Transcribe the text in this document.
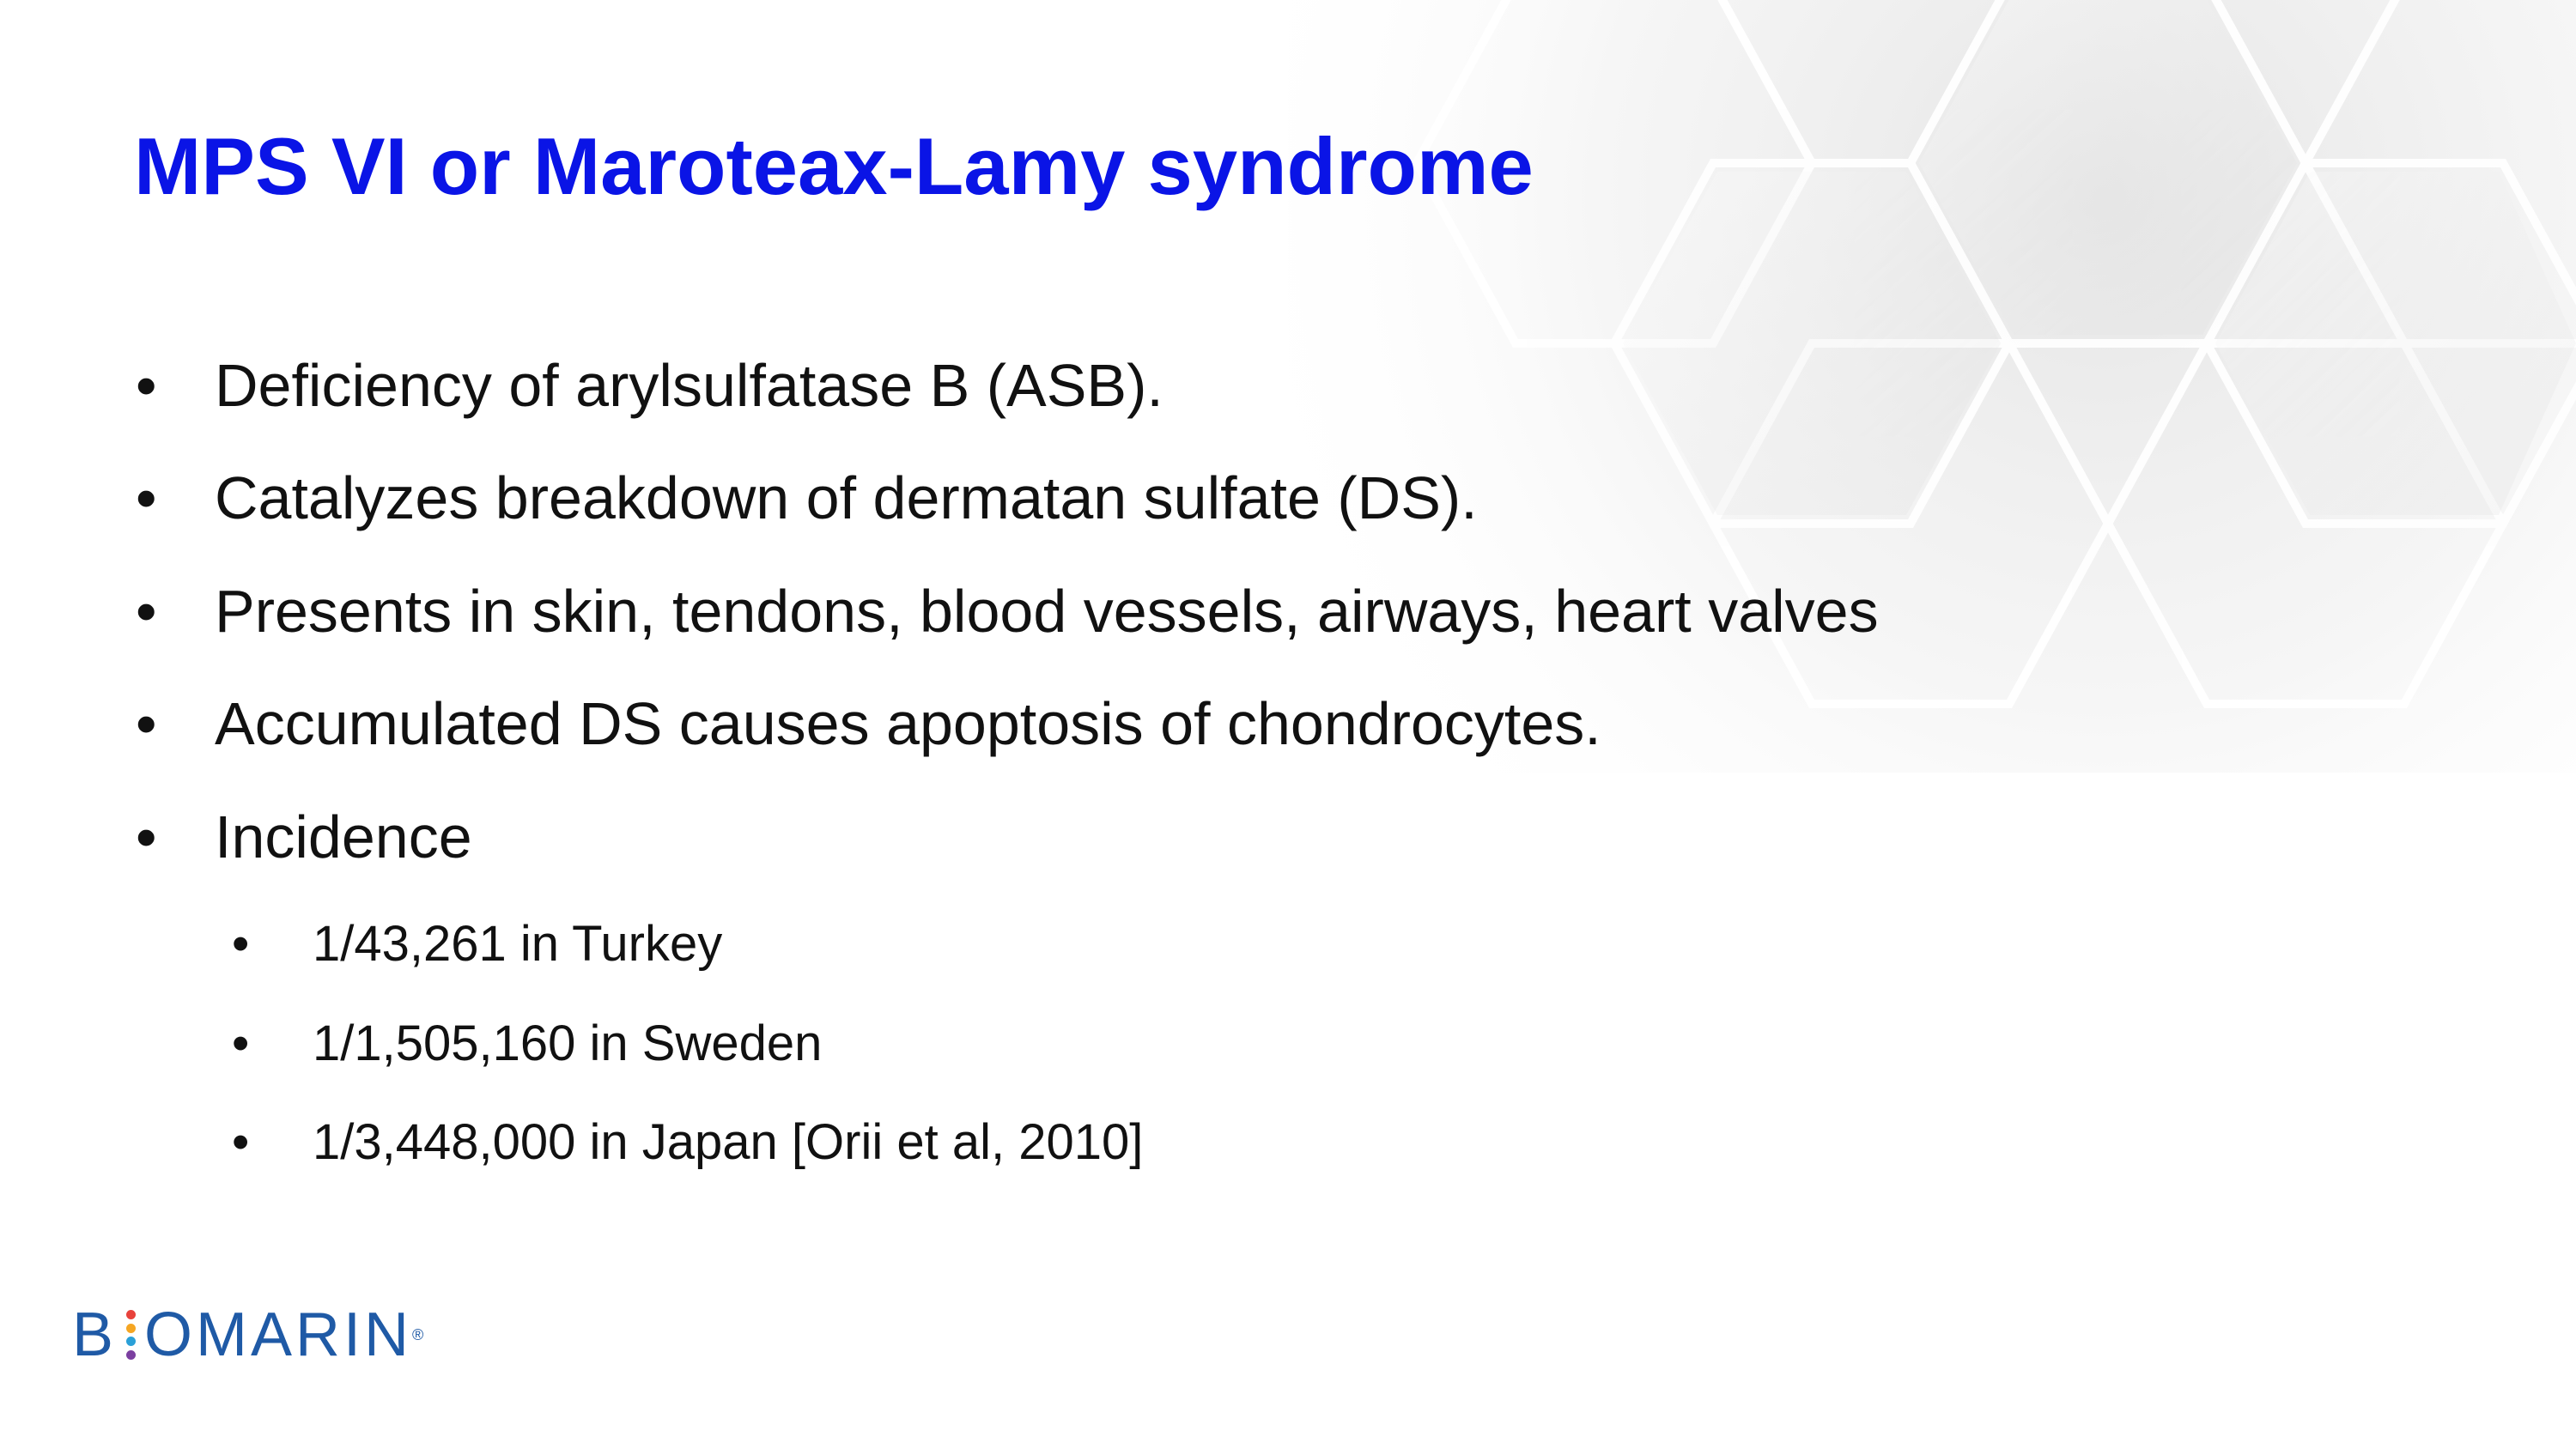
MPS VI or Maroteax-Lamy syndrome
• Deficiency of arylsulfatase B (ASB).
• Catalyzes breakdown of dermatan sulfate (DS).
• Presents in skin, tendons, blood vessels, airways, heart valves
• Accumulated DS causes apoptosis of chondrocytes.
• Incidence
• 1/43,261 in Turkey
• 1/1,505,160 in Sweden
• 1/3,448,000 in Japan [Orii et al, 2010]
B OMARIN ®
